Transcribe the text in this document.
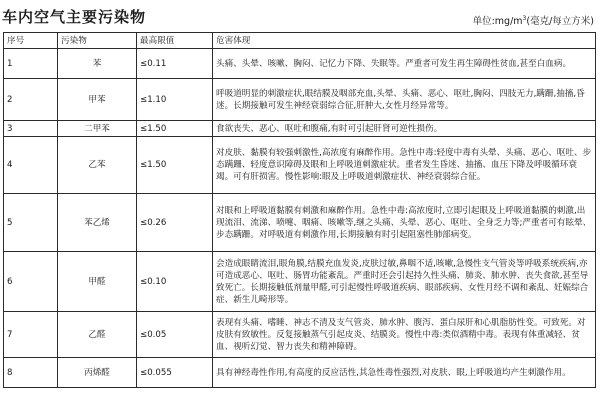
车内空气主要污染物	单位$:mg/m^3$(毫克/每立方米)
序号	污染物	最高限值	危害体现
1	苯	≤0.11	头痛、头晕、咳嗽、胸闷、记忆力下降、失眠等。严重者可发生再生障碍性贫血,甚至白血病。
2	甲苯	≤1.10	呼吸道明显的刺激症状,眼结膜及咽部充血,头晕、头痛、恶心、呕吐,胸闷、四肢无力,蹒跚,抽搐,昏迷。长期接触可发生神经衰弱综合征,肝肿大,女性月经异常等。
3	二甲苯	≤1.50	食欲丧失、恶心、呕吐和腹痛,有时可引起肝肾可逆性损伤。
4	乙苯	≤1.50	对皮肤、黏膜有较强刺激性,高浓度有麻醉作用。急性中毒:轻度中毒有头晕、头痛、恶心、呕吐、步态蹒跚、轻度意识障碍及眼和上呼吸道刺激症状。重者发生昏迷、抽搐、血压下降及呼吸循环衰竭。可有肝损害。慢性影响:眼及上呼吸道刺激症状、神经衰弱综合征。
5	苯乙烯	≤0.26	对眼和上呼吸道黏膜有刺激和麻醉作用。急性中毒:高浓度时,立即引起眼及上呼吸道黏膜的刺激,出现流泪、流涕、喷嚏、咽痛、咳嗽等,继之头痛、头晕、恶心、呕吐、全身乏力等;严重者可有眩晕、步态蹒跚。对呼吸道有刺激作用,长期接触有时引起阻塞性肺部病变。
6	甲醛	≤0.10	会造成眼睛流泪,眼角膜,结膜充血发炎,皮肤过敏,鼻咽不适,咳嗽,急慢性支气管炎等呼吸系统疾病,亦可造成恶心、呕吐、肠胃功能紊乱。严重时还会引起持久性头痛、肺炎、肺水肿、丧失食欲,甚至导致死亡。长期接触低剂量甲醛,可引起慢性呼吸道疾病、眼部疾病、女性月经不调和紊乱、妊娠综合症、新生儿畸形等。
7	乙醛	≤0.05	表现有头痛、嗜睡、神志不清及支气管炎、肺水肿、腹泻、蛋白尿肝和心肌脂肪性变。可致死。对皮肤有致敏性。反复接触蒸气引起皮炎、结膜炎。慢性中毒:类似酒精中毒。表现有体重减轻、贫血、视听幻觉、智力丧失和精神障碍。
8	丙烯醛	≤0.055	具有神经毒性作用,有高度的反应活性,其急性毒性强烈,对皮肤、眼,上呼吸道均产生刺激作用。
